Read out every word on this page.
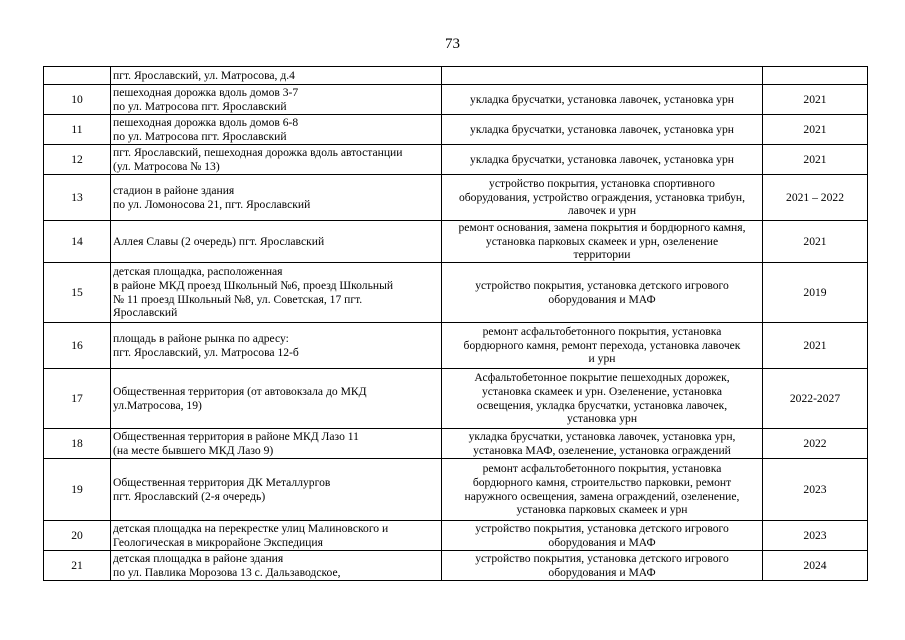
73

	пгт. Ярославский, ул. Матросова, д.4		

10	пешеходная дорожка вдоль домов 3-7
по ул. Матросова пгт. Ярославский	укладка брусчатки, установка лавочек, установка урн	2021
11	пешеходная дорожка вдоль домов 6-8
по ул. Матросова пгт. Ярославский	укладка брусчатки, установка лавочек, установка урн	2021
12	пгт. Ярославский, пешеходная дорожка вдоль автостанции
(ул. Матросова № 13)	укладка брусчатки, установка лавочек, установка урн	2021
13	стадион в районе здания
по ул. Ломоносова 21, пгт. Ярославский	устройство покрытия, установка спортивного
оборудования, устройство ограждения, установка трибун,
лавочек и урн	2021 – 2022
14	Аллея Славы (2 очередь) пгт. Ярославский	ремонт основания, замена покрытия и бордюрного камня,
установка парковых скамеек и урн, озеленение
территории	2021
15	детская площадка, расположенная
в районе МКД проезд Школьный №6, проезд Школьный
№ 11 проезд Школьный №8, ул. Советская, 17 пгт.
Ярославский	устройство покрытия, установка детского игрового
оборудования и МАФ	2019
16	площадь в районе рынка по адресу:
пгт. Ярославский, ул. Матросова 12-б	ремонт асфальтобетонного покрытия, установка
бордюрного камня, ремонт перехода, установка лавочек
и урн	2021
17	Общественная территория (от автовокзала до МКД
ул.Матросова, 19)	Асфальтобетонное покрытие пешеходных дорожек,
установка скамеек и урн. Озеленение, установка
освещения, укладка брусчатки, установка лавочек,
установка урн	2022-2027
18	Общественная территория в районе МКД Лазо 11
(на месте бывшего МКД Лазо 9)	укладка брусчатки, установка лавочек, установка урн,
установка МАФ, озеленение, установка ограждений	2022
19	Общественная территория ДК Металлургов
пгт. Ярославский (2-я очередь)	ремонт асфальтобетонного покрытия, установка
бордюрного камня, строительство парковки, ремонт
наружного освещения, замена ограждений, озеленение,
установка парковых скамеек и урн	2023
20	детская площадка на перекрестке улиц Малиновского и
Геологическая в микрорайоне Экспедиция	устройство покрытия, установка детского игрового
оборудования и МАФ	2023
21	детская площадка в районе здания
по ул. Павлика Морозова 13 с. Дальзаводское,	устройство покрытия, установка детского игрового
оборудования и МАФ	2024
